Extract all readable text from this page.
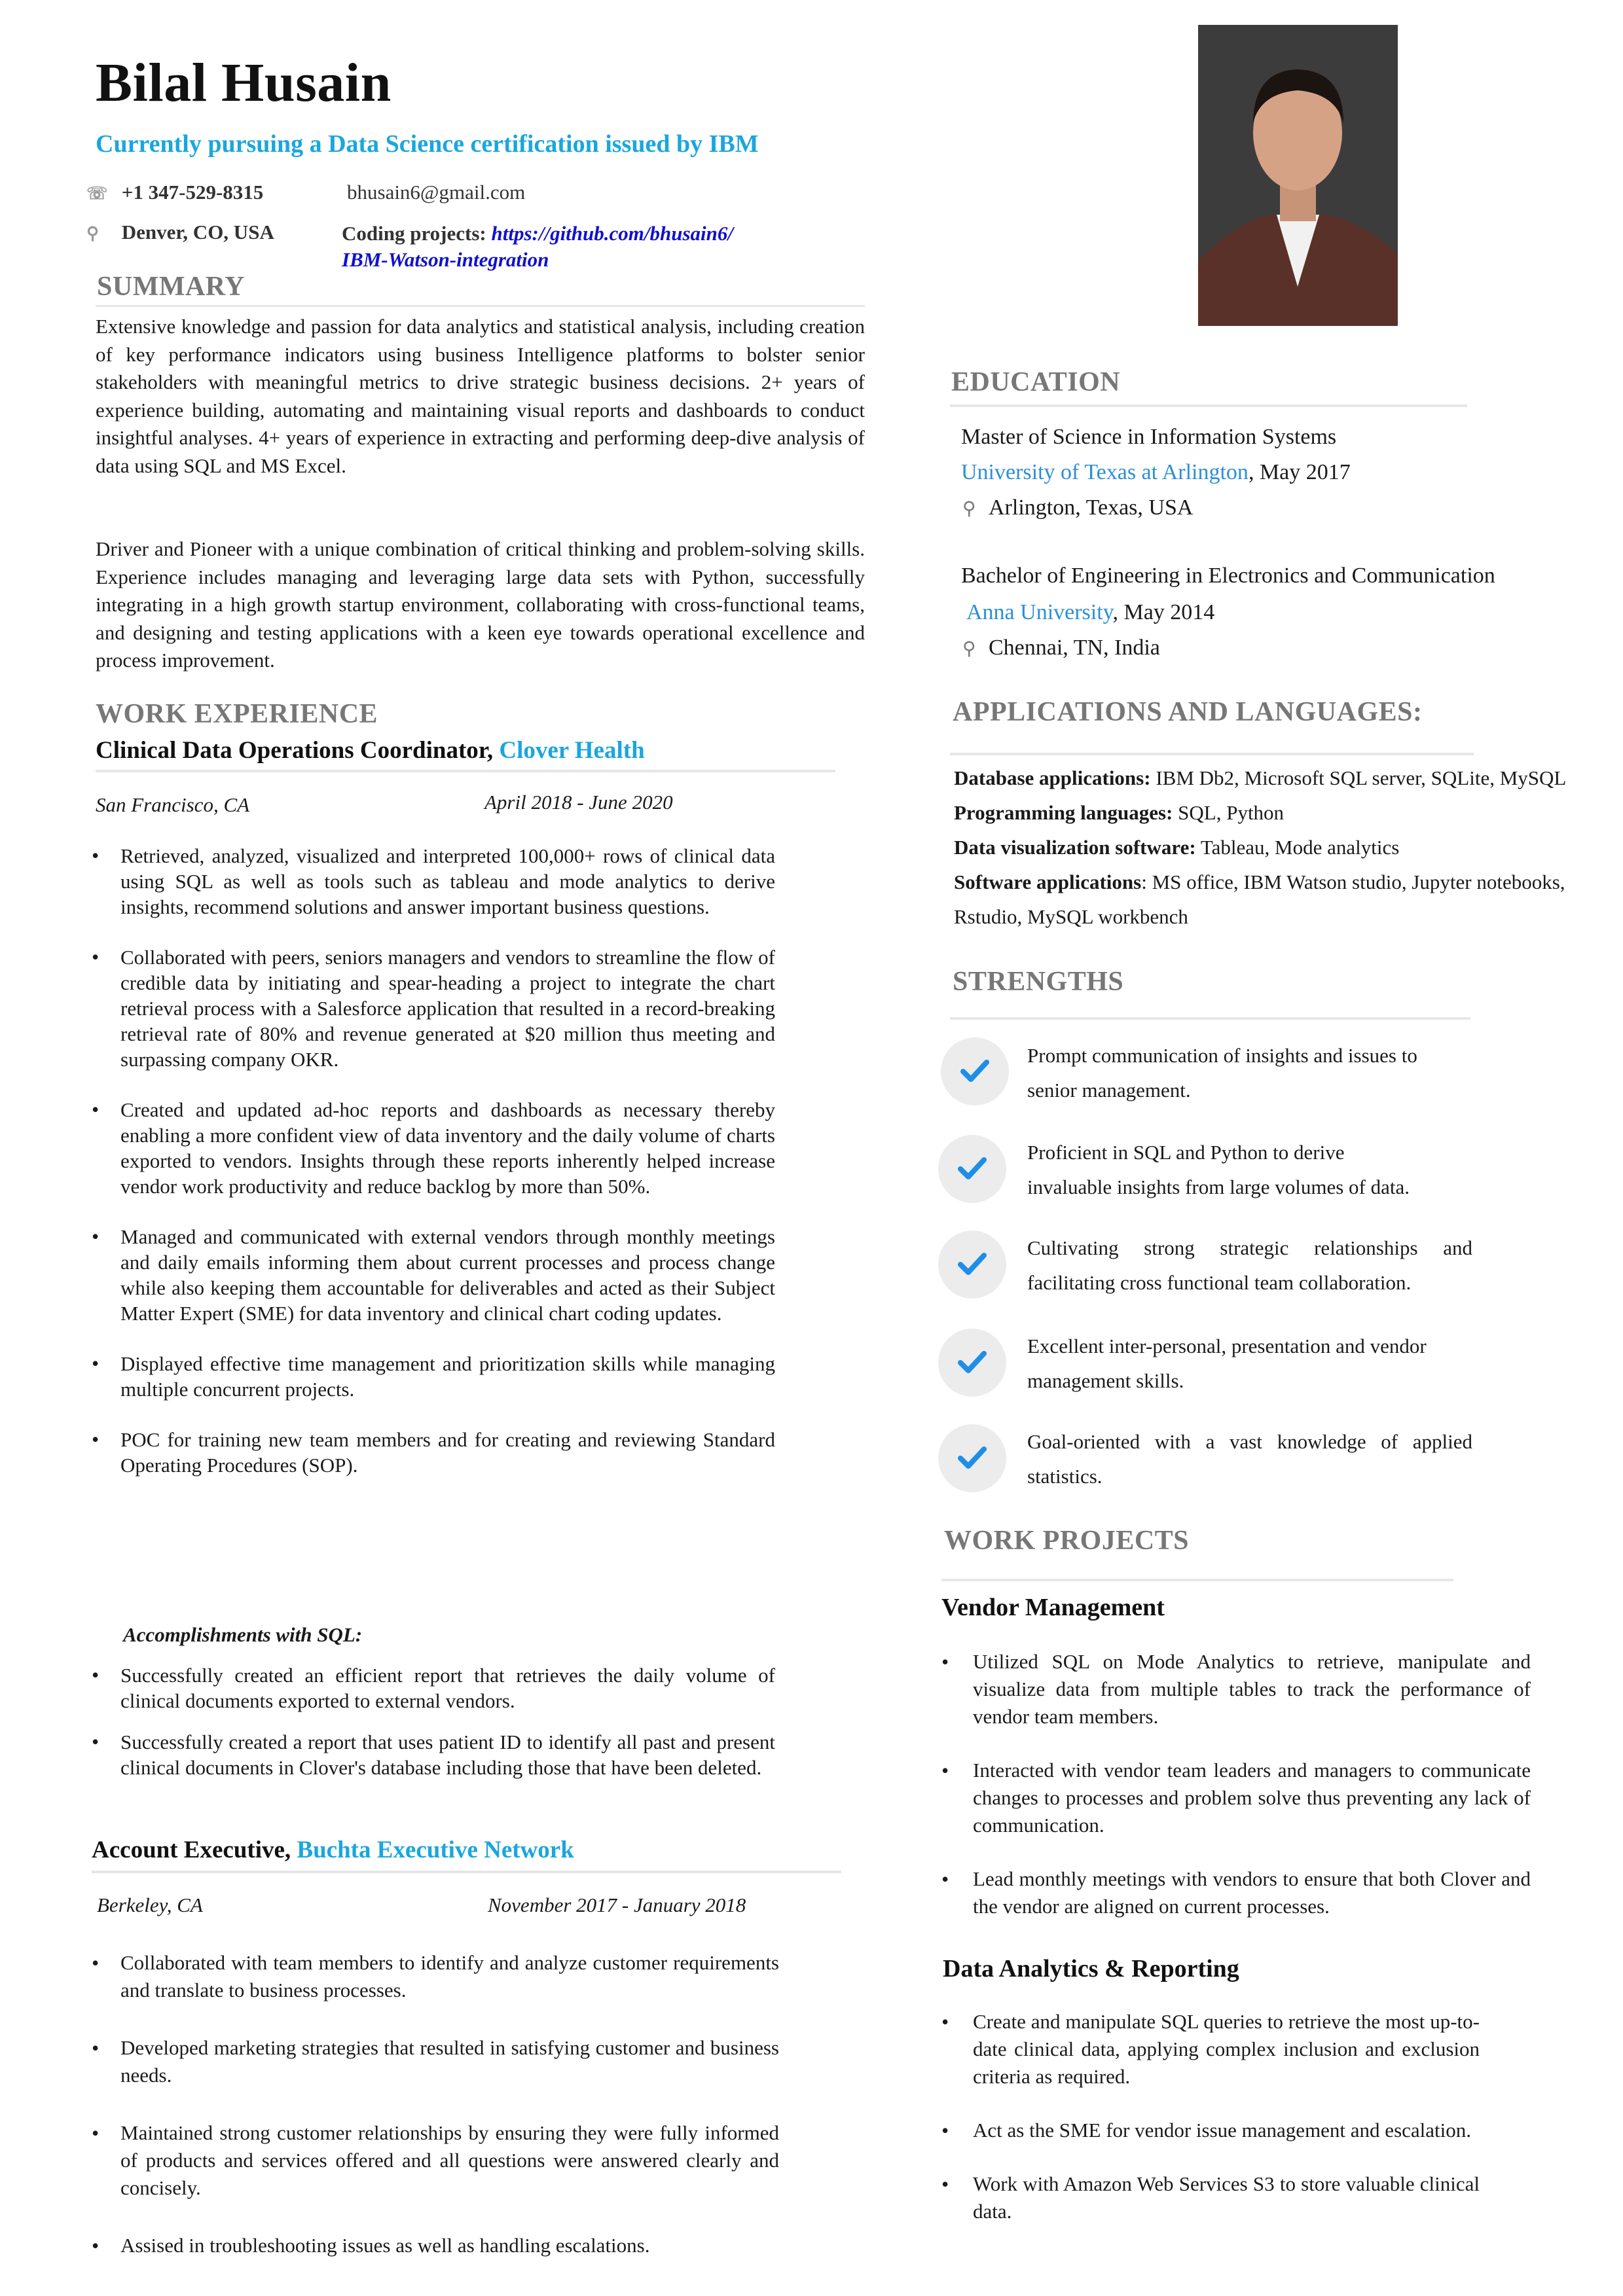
Bilal Husain
Currently pursuing a Data Science certification issued by IBM
☏ +1 347-529-8315	bhusain6@gmail.com
⚲ Denver, CO, USA	Coding projects: https://github.com/bhusain6/
IBM-Watson-integration
SUMMARY
Extensive knowledge and passion for data analytics and statistical analysis, including creation of key performance indicators using business Intelligence platforms to bolster senior stakeholders with meaningful metrics to drive strategic business decisions. 2+ years of experience building, automating and maintaining visual reports and dashboards to conduct insightful analyses. 4+ years of experience in extracting and performing deep-dive analysis of data using SQL and MS Excel.
Driver and Pioneer with a unique combination of critical thinking and problem-solving skills. Experience includes managing and leveraging large data sets with Python, successfully integrating in a high growth startup environment, collaborating with cross-functional teams, and designing and testing applications with a keen eye towards operational excellence and process improvement.
WORK EXPERIENCE
Clinical Data Operations Coordinator, Clover Health
San Francisco, CA	April 2018 - June 2020
• Retrieved, analyzed, visualized and interpreted 100,000+ rows of clinical data using SQL as well as tools such as tableau and mode analytics to derive insights, recommend solutions and answer important business questions.
• Collaborated with peers, seniors managers and vendors to streamline the flow of credible data by initiating and spear-heading a project to integrate the chart retrieval process with a Salesforce application that resulted in a record-breaking retrieval rate of 80% and revenue generated at $20 million thus meeting and surpassing company OKR.
• Created and updated ad-hoc reports and dashboards as necessary thereby enabling a more confident view of data inventory and the daily volume of charts exported to vendors. Insights through these reports inherently helped increase vendor work productivity and reduce backlog by more than 50%.
• Managed and communicated with external vendors through monthly meetings and daily emails informing them about current processes and process change while also keeping them accountable for deliverables and acted as their Subject Matter Expert (SME) for data inventory and clinical chart coding updates.
• Displayed effective time management and prioritization skills while managing multiple concurrent projects.
• POC for training new team members and for creating and reviewing Standard Operating Procedures (SOP).
Accomplishments with SQL:
• Successfully created an efficient report that retrieves the daily volume of clinical documents exported to external vendors.
• Successfully created a report that uses patient ID to identify all past and present clinical documents in Clover's database including those that have been deleted.
Account Executive, Buchta Executive Network
Berkeley, CA	November 2017 - January 2018
• Collaborated with team members to identify and analyze customer requirements and translate to business processes.
• Developed marketing strategies that resulted in satisfying customer and business needs.
• Maintained strong customer relationships by ensuring they were fully informed of products and services offered and all questions were answered clearly and concisely.
• Assised in troubleshooting issues as well as handling escalations.
EDUCATION
Master of Science in Information Systems
University of Texas at Arlington, May 2017
⚲ Arlington, Texas, USA
Bachelor of Engineering in Electronics and Communication
Anna University, May 2014
⚲ Chennai, TN, India
APPLICATIONS AND LANGUAGES:
Database applications: IBM Db2, Microsoft SQL server, SQLite, MySQL
Programming languages: SQL, Python
Data visualization software: Tableau, Mode analytics
Software applications: MS office, IBM Watson studio, Jupyter notebooks,
Rstudio, MySQL workbench
STRENGTHS
Prompt communication of insights and issues to
senior management.
Proficient in SQL and Python to derive
invaluable insights from large volumes of data.
Cultivating strong strategic relationships and
facilitating cross functional team collaboration.
Excellent inter-personal, presentation and vendor
management skills.
Goal-oriented with a vast knowledge of applied
statistics.
WORK PROJECTS
Vendor Management
• Utilized SQL on Mode Analytics to retrieve, manipulate and visualize data from multiple tables to track the performance of vendor team members.
• Interacted with vendor team leaders and managers to communicate changes to processes and problem solve thus preventing any lack of communication.
• Lead monthly meetings with vendors to ensure that both Clover and the vendor are aligned on current processes.
Data Analytics & Reporting
• Create and manipulate SQL queries to retrieve the most up-to-date clinical data, applying complex inclusion and exclusion criteria as required.
• Act as the SME for vendor issue management and escalation.
• Work with Amazon Web Services S3 to store valuable clinical data.
